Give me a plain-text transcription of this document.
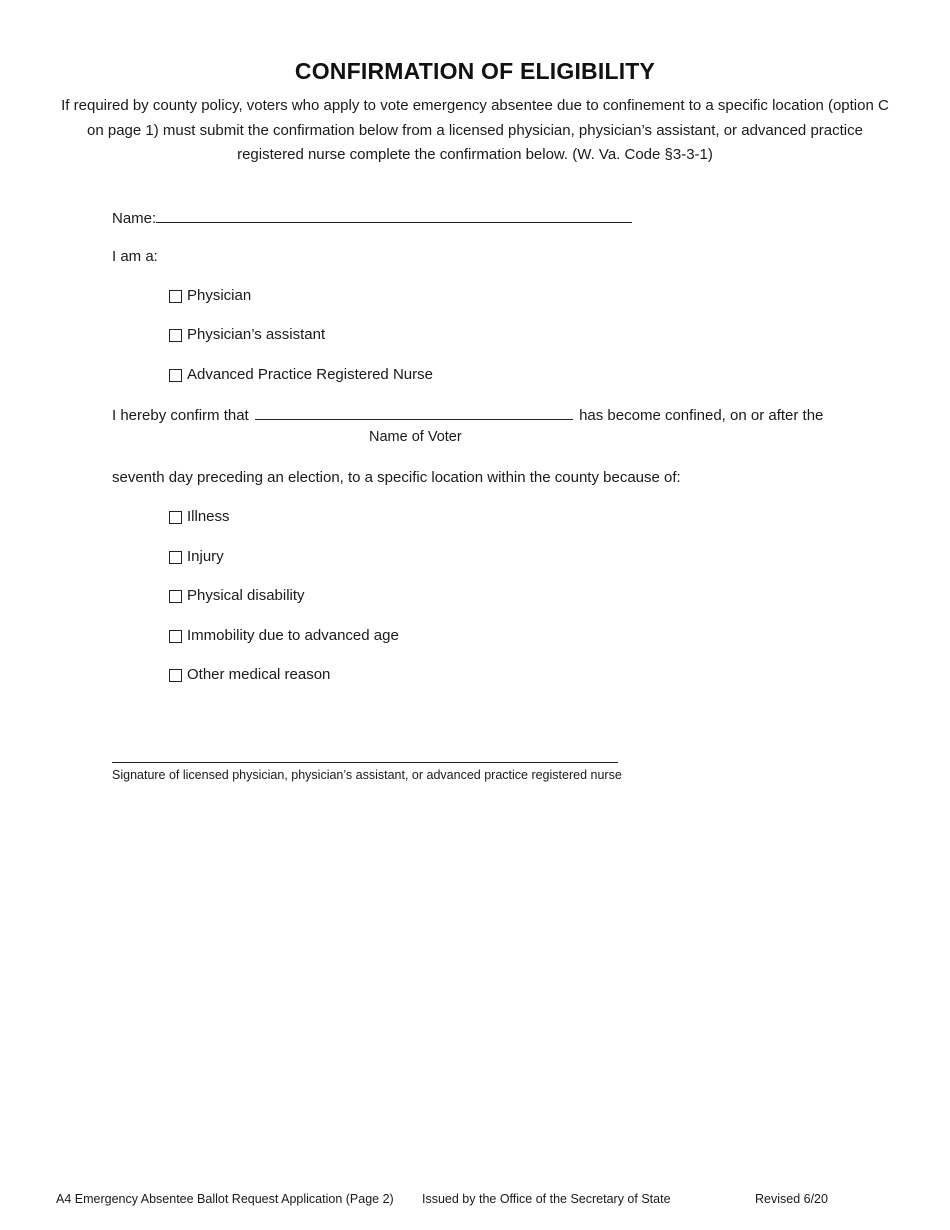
CONFIRMATION OF ELIGIBILITY
If required by county policy, voters who apply to vote emergency absentee due to confinement to a specific location (option C on page 1) must submit the confirmation below from a licensed physician, physician’s assistant, or advanced practice registered nurse complete the confirmation below. (W. Va. Code §3-3-1)
Name:
I am a:
Physician
Physician’s assistant
Advanced Practice Registered Nurse
I hereby confirm that	has become confined, on or after the
Name of Voter
seventh day preceding an election, to a specific location within the county because of:
Illness
Injury
Physical disability
Immobility due to advanced age
Other medical reason
Signature of licensed physician, physician’s assistant, or advanced practice registered nurse
A4 Emergency Absentee Ballot Request Application (Page 2) Issued by the Office of the Secretary of State	Revised 6/20
